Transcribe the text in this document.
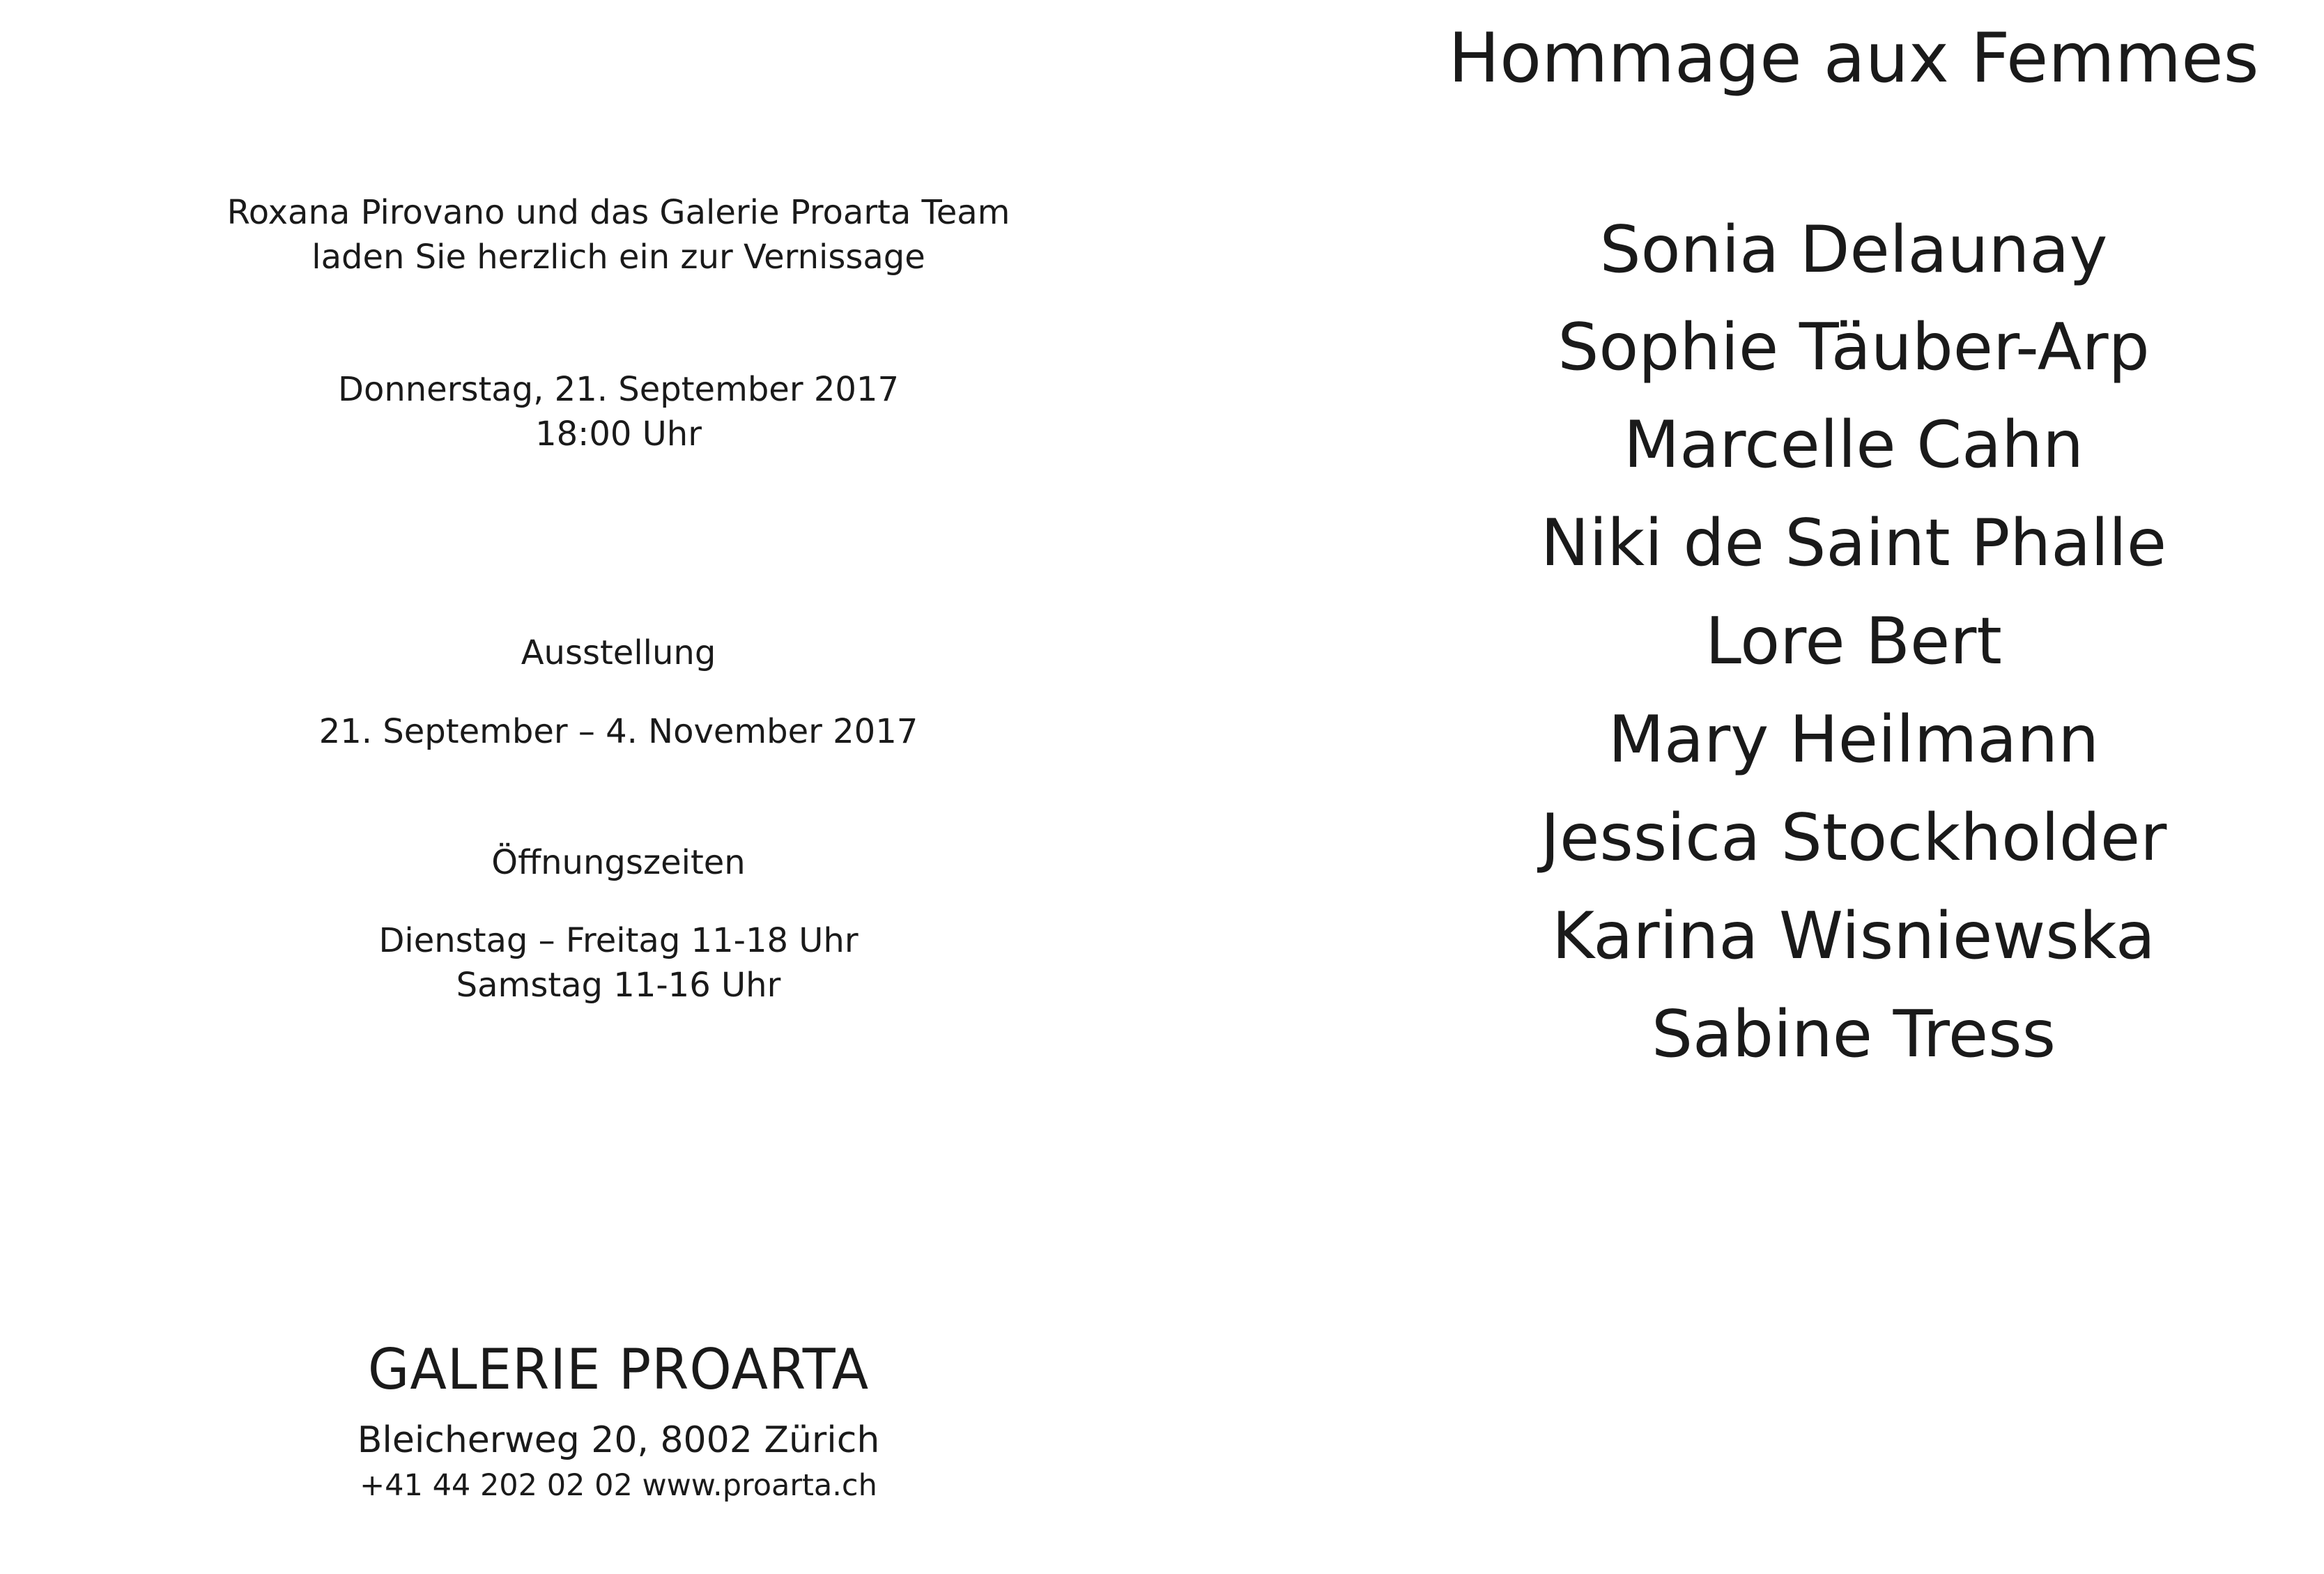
Roxana Pirovano und das Galerie Proarta Team
laden Sie herzlich ein zur Vernissage
Donnerstag, 21. September 2017
18:00 Uhr
Ausstellung
21. September – 4. November 2017
Öffnungszeiten
Dienstag – Freitag 11-18 Uhr
Samstag 11-16 Uhr
GALERIE PROARTA
Bleicherweg 20, 8002 Zürich
+41 44 202 02 02 www.proarta.ch
Hommage aux Femmes
Sonia Delaunay
Sophie Täuber-Arp
Marcelle Cahn
Niki de Saint Phalle
Lore Bert
Mary Heilmann
Jessica Stockholder
Karina Wisniewska
Sabine Tress
